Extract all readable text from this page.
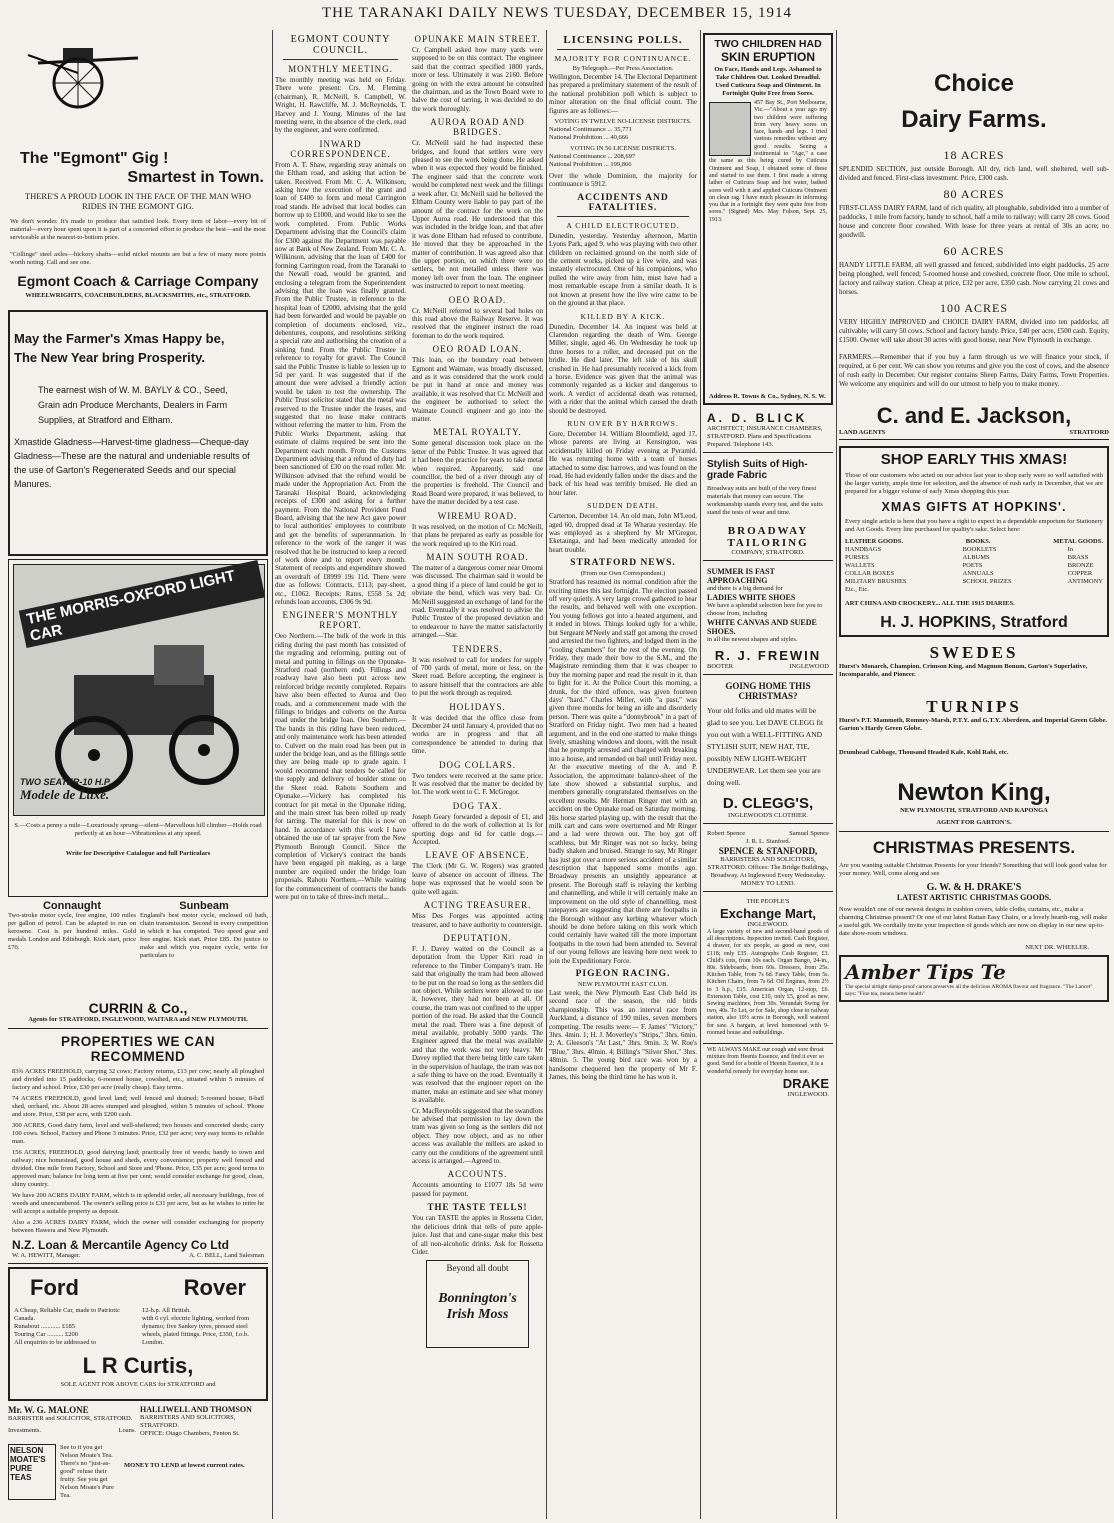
THE TARANAKI DAILY NEWS TUESDAY, DECEMBER 15, 1914
The "Egmont" Gig !
Smartest in Town.
THERE'S A PROUD LOOK IN THE FACE OF THE MAN WHO RIDES IN THE EGMONT GIG.
We don't wonder. It's made to produce that satisfied look. Every item of labor—every bit of material—every hour spent upon it is part of a concerted effort to produce the best—and the most serviceable at the nearest-to-bottom price.
"Collinge" steel axles—hickory shafts—solid nickel mounts are but a few of many more points worth noting. Call and see one.
Egmont Coach & Carriage Company
WHEELWRIGHTS, COACHBUILDERS, BLACKSMITHS, etc., STRATFORD.
May the Farmer's Xmas Happy be,
The New Year bring Prosperity.
The earnest wish of W. M. BAYLY & CO., Seed,
Grain adn Produce Merchants, Dealers in Farm
Supplies, at Stratford and Eltham.
Xmastide Gladness—Harvest-time gladness—Cheque-day Gladness—These are the natural and undeniable results of the use of Garton's Regenerated Seeds and our special Manures.
THE MORRIS-OXFORD LIGHT CAR
TWO SEATER-10 H.P.
Modele de Luxe.
S.—Costs a penny a mile—Luxuriously sprung—silent—Marvellous hill climber—Holds road perfectly at an hour—Vibrationless at any speed.
Write for Descriptive Catalogue and full Particulars
Connaught
Two-stroke motor cycle, free engine, 100 miles per gallon of petrol. Can be adapted to run on kerosene. Cost is per hundred miles. Gold medals London and Edinburgh. Kick start, price £70.
Sunbeam
England's best motor cycle, enclosed oil bath, chain transmission. Second in every competition in which it has competed. Two speed gear and free engine. Kick start. Price £85. Do justice to make and which you require cycle, write for particulars to
CURRIN & Co.,
Agents for STRATFORD, INGLEWOOD, WAITARA and NEW PLYMOUTH.
PROPERTIES WE CAN RECOMMEND
83¾ ACRES FREEHOLD, carrying 32 cows; Factory returns, £13 per cow; nearly all ploughed and divided into 15 paddocks; 6-roomed house, cowshed, etc., situated within 5 minutes of factory and school. Price, £30 per acre (really cheap). Easy terms.
74 ACRES FREEHOLD, good level land; well fenced and drained; 5-roomed house; 8-bail shed, orchard, etc. About 28 acres stumped and ploughed, within 5 minutes of school. 'Phone and store. Price, £38 per acre, with £200 cash.
300 ACRES, Good dairy farm, level and well-sheltered; two houses and concreted sheds; carry 100 cows. School, Factory and Phone 3 minutes. Price, £32 per acre; very easy terms to reliable man.
156 ACRES, FREEHOLD, good dairying land; practically free of weeds; handy to town and railway; nice homestead, good house and sheds, every convenience; property well fenced and divided. One mile from Factory, School and Store and 'Phone. Price, £35 per acre; good terms to approved man; balance for long term at five per cent; would consider exchange for good, clean, shiny country.
We have 200 ACRES DAIRY FARM, which is in splendid order, all necessary buildings, free of weeds and unencumbered. The owner's selling price is £31 per acre, but as he wishes to retire he will accept a suitable property as deposit.
Also a 236 ACRES DAIRY FARM, which the owner will consider exchanging for property between Hawera and New Plymouth.
N.Z. Loan & Mercantile Agency Co Ltd
W. A. HEWITT, Manager.	A. C. BELL, Land Salesman
Ford	Rover
A Cheap, Reliable Car, made to Patriotic Canada.
Runabout ............ £185
Touring Car .......... £200
All enquiries to be addressed to
12-h.p. All British.
with 6 cyl. electric lighting, worked from dynamo; five Sankey tyres, pressed steel wheels, plated fittings. Price, £350, f.o.b. London.
L R Curtis,
SOLE AGENT FOR ABOVE CARS for STRATFORD and
Mr. W. G. MALONE
BARRISTER and SOLICITOR, STRATFORD.
Investments.	Loans.
HALLIWELL AND THOMSON
BARRISTERS AND SOLICITORS, STRATFORD.
OFFICE: Otago Chambers, Fenton St.
NELSON
MOATE'S
PURE TEAS
See to it you get Nelson Moate's Tea. There's no "just-as-good" refuse their fruity. See you get Nelson Moate's Pure Tea.
MONEY TO LEND at lowest current rates.
EGMONT COUNTY COUNCIL.
MONTHLY MEETING.
The monthly meeting was held on Friday. There were present: Crs. M. Fleming (chairman), R. McNeill, S. Campbell, W. Wright, H. Rawcliffe, M. J. McReynolds, T. Harvey and J. Young. Minutes of the last meeting were, in the absence of the clerk, read by the engineer, and were confirmed.
INWARD CORRESPONDENCE.
From A. T. Shaw, regarding stray animals on the Eltham road, and asking that action be taken. Received. From Mr. C. A. Wilkinson, asking how the execution of the grant and loan of £400 to form and metal Carrington road stands. He advised that local bodies can borrow up to £1000, and would like to see the work completed. From Public Works Department advising that the Council's claim for £300 against the Department was payable now at Bank of New Zealand. From Mr. C. A. Wilkinson, advising that the loan of £400 for forming Carrington road, from the Taranaki to the Newall road, would be granted, and enclosing a telegram from the Superintendent advising that the loan was finally granted. From the Public Trustee, in reference to the hospital loan of £2000, advising that the gold had been forwarded and would be payable on completion of documents enclosed, viz., debentures, coupons, and resolutions striking a special rate and authorising the creation of a sinking fund. From the Public Trustee in reference to royalty for gravel. The Council said the Public Trustee is liable to lessen up to 5d per yard. It was suggested that if the amount due were advised a friendly action would be taken to test the ownership. The Public Trust solicitor stated that the metal was reserved to the Trustee under the leases, and suggested that no lease make contracts without referring the matter to him. From the Public Works Department, asking that estimate of claims required be sent into the Department each month. From the Customs Department advising that a refund of duty had been sanctioned of £30 on the road roller. Mr. Wilkinson advised that the refund would be made under the Appropriation Act. From the Taranaki Hospital Board, acknowledging receipts of £300 and asking for a further payment. From the National Provident Fund Board, advising that the new Act gave power to local authorities' employees to contribute and get the benefits of superannuation. In reference to the work of the ranger it was resolved that he be instructed to keep a record of work done and to report every month. Statement of receipts and expenditure showed an overdraft of £8999 19s 11d. There were due as follows: Contracts, £113; pay-sheet, etc., £1062. Receipts: Rates, £558 5s 2d; refunds loan accounts, £306 9s 9d.
ENGINEER'S MONTHLY REPORT.
Oeo Northern.—The bulk of the work in this riding during the past month has consisted of the regrading and reforming, putting out of metal and putting in fillings on the Opunake-Stratford road (northern end). Fillings and roadway have also been put across new reinforced bridge recently completed. Repairs have also been effected to Auroa and Oeo roads, and a commencement made with the fillings to bridges and culverts on the Auroa road under the bridge loan. Oeo Southern.—The bands in this riding have been reduced, and only maintenance work has been attended to. Culvert on the main road has been put in under the bridge loan, and as the fillings settle they are being made up to grade again. I would recommend that tenders be called for the supply and delivery of boulder stone on the Skeet road. Rahotu Southern and Opunake.—Vickery has completed his contract for pit metal in the Opunake riding, and the main street has been rolled up ready for tarring. The material for this is now on hand. In accordance with this work I have obtained the use of tar sprayer from the New Plymouth Borough Council. Since the completion of Vickery's contract the bands have been engaged pit making, as a large number are required under the bridge loan proposals. Rahotu Northern.—While waiting for the commencement of contracts the bands were put on to take of three-inch metal...
OPUNAKE MAIN STREET.
Cr. Campbell asked how many yards were supposed to be on this contract. The engineer said that the contract specified 1800 yards, more or less. Ultimately it was 2160. Before going on with the extra amount he consulted the chairman, and as the Town Board were to halve the cost of tarring, it was decided to do the work thoroughly.
AUROA ROAD AND BRIDGES.
Cr. McNeill said he had inspected these bridges, and found that settlers were very pleased to see the work being done. He asked when it was expected they would be finished. The engineer said that the concrete work would be completed next week and the fillings a week after. Cr. McNeill said he believed the Eltham County were liable to pay part of the amount of the contract for the work on the Upper Auroa road. He understood that this was included in the bridge loan, and that after it was done Eltham had refused to contribute. He moved that they be approached in the matter of contribution. It was agreed also that the upper portion, on which there were no settlers, be not metalled unless there was money left over from the loan. The engineer was instructed to report to next meeting.
OEO ROAD.
Cr. McNeill referred to several bad holes on this road above the Railway Reserve. It was resolved that the engineer instruct the road foreman to do the work required.
OEO ROAD LOAN.
This loan, on the boundary road between Egmont and Waimate, was broadly discussed, and as it was considered that the work could be put in hand at once and money was available, it was resolved that Cr. McNeill and the engineer be authorised to select the Waimate Council engineer and go into the matter.
METAL ROYALTY.
Some general discussion took place on the letter of the Public Trustee. It was agreed that it had been the practice for years to take metal when required. Apparently, said one councillor, the bed of a river through any of the properties is freehold. The Council and Road Board were prepared, it was believed, to have the matter decided by a test case.
WIREMU ROAD.
It was resolved, on the motion of Cr. McNeill, that plans be prepared as early as possible for the work required up to the Kiri road.
MAIN SOUTH ROAD.
The matter of a dangerous corner near Omomi was discussed. The chairman said it would be a good thing if a piece of land could be got to obviate the bend, which was very bad. Cr. McNeill suggested an exchange of land for the road. Eventually it was resolved to advise the Public Trustee of the proposed deviation and to endeavour to have the matter satisfactorily arranged.—Star.
TENDERS.
It was resolved to call for tenders for supply of 700 yards of metal, more or less, on the Skeet road. Before accepting, the engineer is to assure himself that the contractors are able to put the work through as required.
HOLIDAYS.
It was decided that the office close from December 24 until January 4, provided that no works are in progress and that all correspondence be attended to during that time.
DOG COLLARS.
Two tenders were received at the same price. It was resolved that the matter be decided by lot. The work went to C. F. McGregor.
DOG TAX.
Joseph Geary forwarded a deposit of £1, and offered to do the work of collection at 1s for sporting dogs and 6d for cattle dogs.—Accepted.
LEAVE OF ABSENCE.
The Clerk (Mr G. W. Rogers) was granted leave of absence on account of illness. The hope was expressed that he would soon be quite well again.
ACTING TREASURER.
Miss Des Forges was appointed acting treasurer, and to have authority to countersign.
DEPUTATION.
F. J. Davey waited on the Council as a deputation from the Upper Kiri road in reference to the Timber Company's tram. He said that originally the tram had been allowed to be put on the road so long as the settlers did not object. While settlers were allowed to use it, however, they had not been at all. Of course, the tram was not confined to the upper portion of the road. He asked that the Council metal the road. There was a fine deposit of metal available, probably 5000 yards. The Engineer agreed that the metal was available and that the work was not very heavy. Mr Davey replied that there being little care taken in the supervision of haulage, the tram was not a safe thing to have on the road. Eventually it was resolved that the engineer report on the matter, make an estimate and see what money is available.
Cr. MacReynolds suggested that the swandlots be advised that permission to lay down the tram was given so long as the settlers did not object. They now object, and as no other access was available the millers are asked to carry out the conditions of the agreement until access is arranged.—Agreed to.
ACCOUNTS.
Accounts amounting to £1077 18s 5d were passed for payment.
THE TASTE TELLS!
You can TASTE the apples in Rossetta Cider, the delicious drink that tells of pure apple-juice. Just that and cane-sugar make this best of all non-alcoholic drinks. Ask for Rossetta Cider.
Beyond all doubt
Bonnington's Irish Moss
LICENSING POLLS.
MAJORITY FOR CONTINUANCE.
By Telegraph.—Per Press Association.
Wellington, December 14. The Electoral Department has prepared a preliminary statement of the result of the national prohibition poll which is subject to minor alteration on the final official count. The figures are as follows:—
VOTING IN TWELVE NO-LICENSE DISTRICTS.
National Continuance ... 35,771
National Prohibition ... 40,666
VOTING IN 56 LICENSE DISTRICTS.
National Continuance ... 208,697
National Prohibition ... 199,866
Over the whole Dominion, the majority for continuance is 5912.
ACCIDENTS AND FATALITIES.
A CHILD ELECTROCUTED.
Dunedin, yesterday. Yesterday afternoon, Martin Lyons Park, aged 9, who was playing with two other children on reclaimed ground on the north side of the cement works, picked up a live wire, and was instantly electrocuted. One of his companions, who pulled the wire away from him, must have had a most remarkable escape from a similar death. It is not known at present how the live wire came to be on the ground at that place.
KILLED BY A KICK.
Dunedin, December 14. An inquest was held at Clarendon regarding the death of Wm. George Miller, single, aged 46. On Wednesday he took up three horses to a roller, and deceased put on the bridle. He died later. The left side of his skull crushed in. He had presumably received a kick from a horse. Evidence was given that the animal was commonly regarded as a kicker and dangerous to work. A verdict of accidental death was returned, with a rider that the animal which caused the death should be destroyed.
RUN OVER BY HARROWS.
Gore, December 14. William Bloomfield, aged 17, whose parents are living at Kensington, was accidentally killed on Friday evening at Pyramid. He was returning home with a team of horses attached to some disc harrows, and was found on the road. He had evidently fallen under the discs and the back of his head was terribly bruised. He died an hour later.
SUDDEN DEATH.
Carterton, December 14. An old man, John M'Leod, aged 60, dropped dead at Te Wharau yesterday. He was employed as a shepherd by Mr M'Gregor, Eketaunga, and had been medically attended for heart trouble.
STRATFORD NEWS.
(From our Own Correspondent.)
Stratford has resumed its normal condition after the exciting times this last fortnight. The election passed off very quietly. A very large crowd gathered to hear the results, and behaved well with one exception. You young fellows got into a heated argument, and it ended in blows. Things looked ugly for a while, but Sergeant M'Neely and staff got among the crowd and arrested the two fighters, and lodged them in the "cooling chambers" for the rest of the evening. On Friday, they made their bow to the S.M., and the Magistrate reminding them that it was cheaper to buy the morning paper and read the result in it, than to fight for it. At the Police Court this morning, a drunk, for the third offence, was given fourteen days' "hard." Charles Miller, with "a past," was given three months for being an idle and disorderly person. There was quite a "donnybrook" in a part of Stratford on Friday night. Two men had a heated argument, and in the end one started to make things lively, smashing windows and doors, with the result that he promptly arrested and charged with breaking into a house, and remanded on bail until Friday next. At the executive meeting of the A. and P. Association, the approximate balance-sheet of the late show showed a substantial surplus, and members generally congratulated themselves on the excellent results. Mr Herman Ringer met with an accident on the Opunake road on Saturday morning. His horse started playing up, with the result that the milk cart and cans were overturned and Mr Ringer and a lad were thrown out. The boy got off scathless, but Mr Ringer was not so lucky, being badly shaken and bruised. Strange to say, Mr Ringer has just got over a more serious accident of a similar description that happened some months ago. Broadway presents an unsightly appearance at present. The Borough staff is relaying the kerbing and channelling, and while it will certainly make an improvement on the old style of channelling, most ratepayers are suggesting that there are footpaths in the Borough without any kerbing whatever which should be done before taking on this work which could certainly have waited till the more important footpaths in the town had been attended to. Several of our young fellows are leaving here next week to join the Expeditionary Force.
PIGEON RACING.
NEW PLYMOUTH EAST CLUB.
Last week, the New Plymouth East Club held its second race of the season, the old birds championship. This was an interval race from Auckland, a distance of 190 miles, seven members competing. The results were:— F. James' "Victory," 3hrs. 4min. 1; H. J. Moverley's "Strips," 3hrs. 6min. 2; A. Gleeson's "At Last," 3hrs. 9min. 3; W. Roe's "Blue," 3hrs. 40min. 4; Billing's "Silver Shot," 3hrs. 48min. 5. The young bird race was won by a handsome chequered hen the property of Mr F. James, this being the third time he has won it.
TWO CHILDREN HAD
SKIN ERUPTION
On Face, Hands and Legs. Ashamed to Take Children Out. Looked Dreadful. Used Cuticura Soap and Ointment. In Fortnight Quite Free from Sores.
457 Bay St., Port Melbourne, Vic.—"About a year ago my two children were suffering from very heavy sores on face, hands and legs. I tried various remedies without any good results. Seeing a testimonial to "Age," a case the same as this being cured by Cuticura Ointment and Soap, I obtained some of these and started to use them. I first made a strong lather of Cuticura Soap and hot water, bathed sores well with it and applied Cuticura Ointment on clean rag. I have much pleasure in informing you that in a fortnight they were quite free from sores." (Signed) Mrs. May Folson, Sept. 25, 1913.
Address R. Towns & Co., Sydney, N. S. W.
A. D. BLICK
ARCHITECT, INSURANCE CHAMBERS, STRATFORD. Plans and Specifications Prepared. Telephone 143.
Stylish Suits of High-grade Fabric
Broadway suits are built of the very finest materials that money can secure. The workmanship stands every test, and the suits stand the tests of wear and time.
BROADWAY
TAILORING
COMPANY, STRATFORD.
SUMMER IS FAST APPROACHING
and there is a big demand for
LADIES WHITE SHOES
We have a splendid selection here for you to choose from, including
WHITE CANVAS AND SUEDE SHOES.
in all the newest shapes and styles.
R. J. FREWIN
BOOTER	INGLEWOOD
GOING HOME THIS CHRISTMAS?
Your old folks and old mates will be glad to see you. Let DAVE CLEGG fit you out with a WELL-FITTING AND STYLISH SUIT, NEW HAT, TIE, possibly NEW LIGHT-WEIGHT UNDERWEAR. Let them see you are doing well.
D. CLEGG'S,
INGLEWOOD'S CLOTHIER.
Robert Spence	Samuel Spence
J. R. L. Stanford.
SPENCE & STANFORD,
BARRISTERS AND SOLICITORS, STRATFORD. Offices: The Bridge Buildings, Broadway. At Inglewood Every Wednesday. MONEY TO LEND.
THE PEOPLE'S
Exchange Mart,
INGLEWOOD.
A large variety of new and second-hand goods of all descriptions. Inspection invited. Cash Register, 4 drawer, for six people, as good as new, cost £118; only £35. Autographs Cash Register, £3. Child's cots, from 10s each. Organ Bango, 24-in., 80s. Sideboards, from 60s. Dressers, from 25s. Kitchen Table, from 7s 6d. Fancy Table, from 5s. Kitchen Chairs, from 7s 6d. Oil Engines, from 2½ to 3 h.p., £15. American Organ, 12-stop, £6. Extension Table, cost £10, only £5, good as new. Sewing machines, from 30s. Verandah Swing for two, 40s. To Let, or for Sale, shop close to railway station, also 10½ acres in Borough, well watered for saw. A bargain, at level homestead with 9-roomed house and outbuildings.
WE ALWAYS MAKE our cough and sore throat mixture from Heenis Essence, and find it ever so good. Send for a bottle of Heenis Essence, it is a wonderful remedy for everyday home use.
DRAKE
INGLEWOOD.
Choice
Dairy Farms.
18 ACRES
SPLENDID SECTION, just outside Borough. All dry, rich land, well sheltered, well sub-divided and fenced. First-class investment. Price, £300 cash.
80 ACRES
FIRST-CLASS DAIRY FARM, land of rich quality, all ploughable, subdivided into a number of paddocks, 1 mile from factory, handy to school, half a mile to railway; will carry 28 cows. Good house and concrete floor cowshed. With lease for three years at rental of 30s an acre; no goodwill.
60 ACRES
HANDY LITTLE FARM, all well grassed and fenced, subdivided into eight paddocks, 25 acre being ploughed, well fenced; 5-roomed house and cowshed, concrete floor. One mile to school, factory and railway station. Cheap at price, £32 per acre, £350 cash. Now carrying 21 cows and horses.
100 ACRES
VERY HIGHLY IMPROVED and CHOICE DAIRY FARM, divided into ten paddocks; all cultivable; will carry 50 cows. School and factory handy. Price, £40 per acre, £500 cash. Equity, £1500. Owner will take about 30 acres with good house, near New Plymouth in exchange.
FARMERS.—Remember that if you buy a farm through us we will finance your stock, if required, at 6 per cent. We can show you returns and give you the cost of cows, and the absence of rush early in December. Our register contains Sheep Farms, Dairy Farms, Town Properties. We welcome any enquirers and will do our utmost to help you to make money.
C. and E. Jackson,
LAND AGENTS	STRATFORD
SHOP EARLY THIS XMAS!
Those of our customers who acted on our advice last year to shop early were so well satisfied with the larger variety, ample time for selection, and the absence of rush early in December, that we are prepared for a bigger volume of early Xmas shopping this year.
XMAS GIFTS AT HOPKINS'.
Every single article is here that you have a right to expect in a dependable emporium for Stationery and Art Goods. Every line purchased for quality's sake. Select here:
LEATHER GOODS.	BOOKS.	METAL GOODS.
HANDBAGS
PURSES
WALLETS
COLLAR BOXES
MILITARY BRUSHES
Etc., Etc.
BOOKLETS
ALBUMS
POETS
ANNUALS
SCHOOL PRIZES
In
BRASS
BRONZE
COPPER
ANTIMONY
ART CHINA AND CROCKERY... ALL THE 1915 DIARIES.
H. J. HOPKINS, Stratford
SWEDES
Hurst's Monarch, Champion, Crimson King, and Magnum Bonum, Garton's Superlative, Incomparable, and Pioneer.
TURNIPS
Hurst's P.T. Mammoth, Romney-Marsh, P.T.Y. and G.T.Y. Aberdeen, and Imperial Green Globe. Garton's Hardy Green Globe.
Drumhead Cabbage, Thousand Headed Kale, Kohl Rabi, etc.
Newton King,
NEW PLYMOUTH, STRATFORD AND KAPONGA
AGENT FOR GARTON'S.
CHRISTMAS PRESENTS.
Are you wanting suitable Christmas Presents for your friends? Something that will look good value for your money. Well, come along and see
G. W. & H. DRAKE'S
LATEST ARTISTIC CHRISTMAS GOODS.
Now wouldn't one of our newest designs in cushion covers, table cloths, curtains, etc., make a charming Christmas present? Or one of our latest Rattan Easy Chairs, or a lovely hearth-rug, will make a useful gift. We cordially invite your inspection of goods which are now on display in our new up-to-date show-room windows.
NEXT DR. WHEELER.
Amber Tips Te
The special airtight damp-proof cartons preserves all the delicious AROMA flavour and fragrance. "The Lancet" says: "Fine tea, means better health"
